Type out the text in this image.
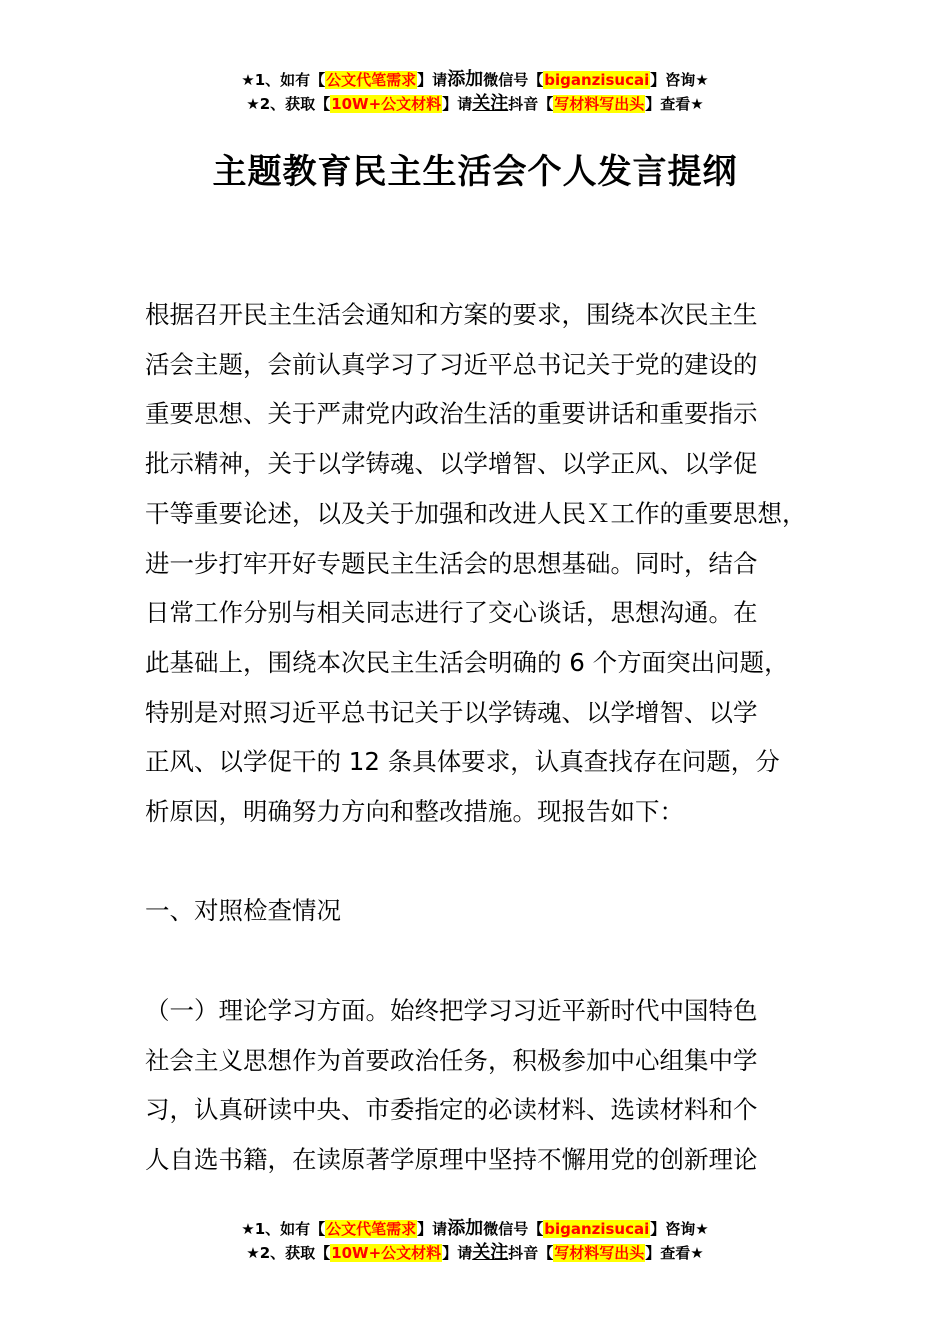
★1、如有【公文代笔需求】请添加微信号【biganzisucai】咨询★
★2、获取【10W+公文材料】请关注抖音【写材料写出头】查看★
主题教育民主生活会个人发言提纲
根据召开民主生活会通知和方案的要求，围绕本次民主生
活会主题，会前认真学习了习近平总书记关于党的建设的
重要思想、关于严肃党内政治生活的重要讲话和重要指示
批示精神，关于以学铸魂、以学增智、以学正风、以学促
干等重要论述，以及关于加强和改进人民Ｘ工作的重要思想，
进一步打牢开好专题民主生活会的思想基础。同时，结合
日常工作分别与相关同志进行了交心谈话，思想沟通。在
此基础上，围绕本次民主生活会明确的 6 个方面突出问题，
特别是对照习近平总书记关于以学铸魂、以学增智、以学
正风、以学促干的 12 条具体要求，认真查找存在问题，分
析原因，明确努力方向和整改措施。现报告如下：
一、对照检查情况
（一）理论学习方面。始终把学习习近平新时代中国特色
社会主义思想作为首要政治任务，积极参加中心组集中学
习，认真研读中央、市委指定的必读材料、选读材料和个
人自选书籍，在读原著学原理中坚持不懈用党的创新理论
★1、如有【公文代笔需求】请添加微信号【biganzisucai】咨询★
★2、获取【10W+公文材料】请关注抖音【写材料写出头】查看★
